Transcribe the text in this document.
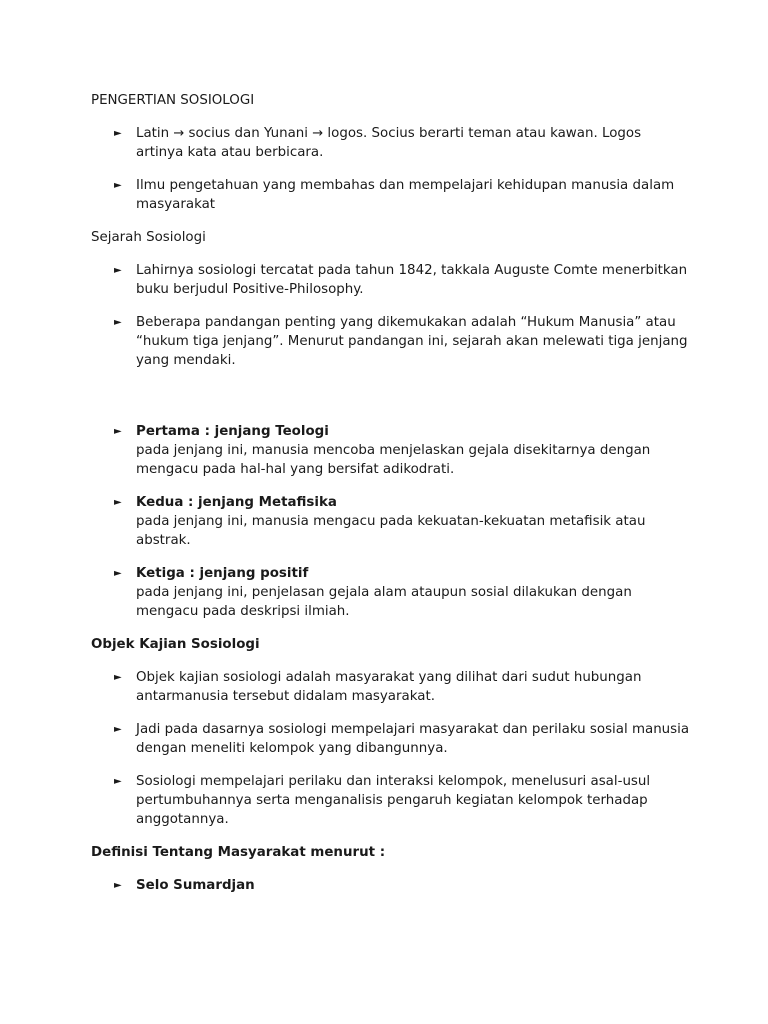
PENGERTIAN SOSIOLOGI
► Latin → socius dan Yunani → logos. Socius berarti teman atau kawan. Logos artinya kata atau berbicara.
► Ilmu pengetahuan yang membahas dan mempelajari kehidupan manusia dalam masyarakat
Sejarah Sosiologi
► Lahirnya sosiologi tercatat pada tahun 1842, takkala Auguste Comte menerbitkan buku berjudul Positive-Philosophy.
► Beberapa pandangan penting yang dikemukakan adalah “Hukum Manusia” atau “hukum tiga jenjang”. Menurut pandangan ini, sejarah akan melewati tiga jenjang yang mendaki.
► Pertama : jenjang Teologi
pada jenjang ini, manusia mencoba menjelaskan gejala disekitarnya dengan mengacu pada hal-hal yang bersifat adikodrati.
► Kedua : jenjang Metafisika
pada jenjang ini, manusia mengacu pada kekuatan-kekuatan metafisik atau abstrak.
► Ketiga : jenjang positif
pada jenjang ini, penjelasan gejala alam ataupun sosial dilakukan dengan mengacu pada deskripsi ilmiah.
Objek Kajian Sosiologi
► Objek kajian sosiologi adalah masyarakat yang dilihat dari sudut hubungan antarmanusia tersebut didalam masyarakat.
► Jadi pada dasarnya sosiologi mempelajari masyarakat dan perilaku sosial manusia dengan meneliti kelompok yang dibangunnya.
► Sosiologi mempelajari perilaku dan interaksi kelompok, menelusuri asal-usul pertumbuhannya serta menganalisis pengaruh kegiatan kelompok terhadap anggotannya.
Definisi Tentang Masyarakat menurut :
► Selo Sumardjan
